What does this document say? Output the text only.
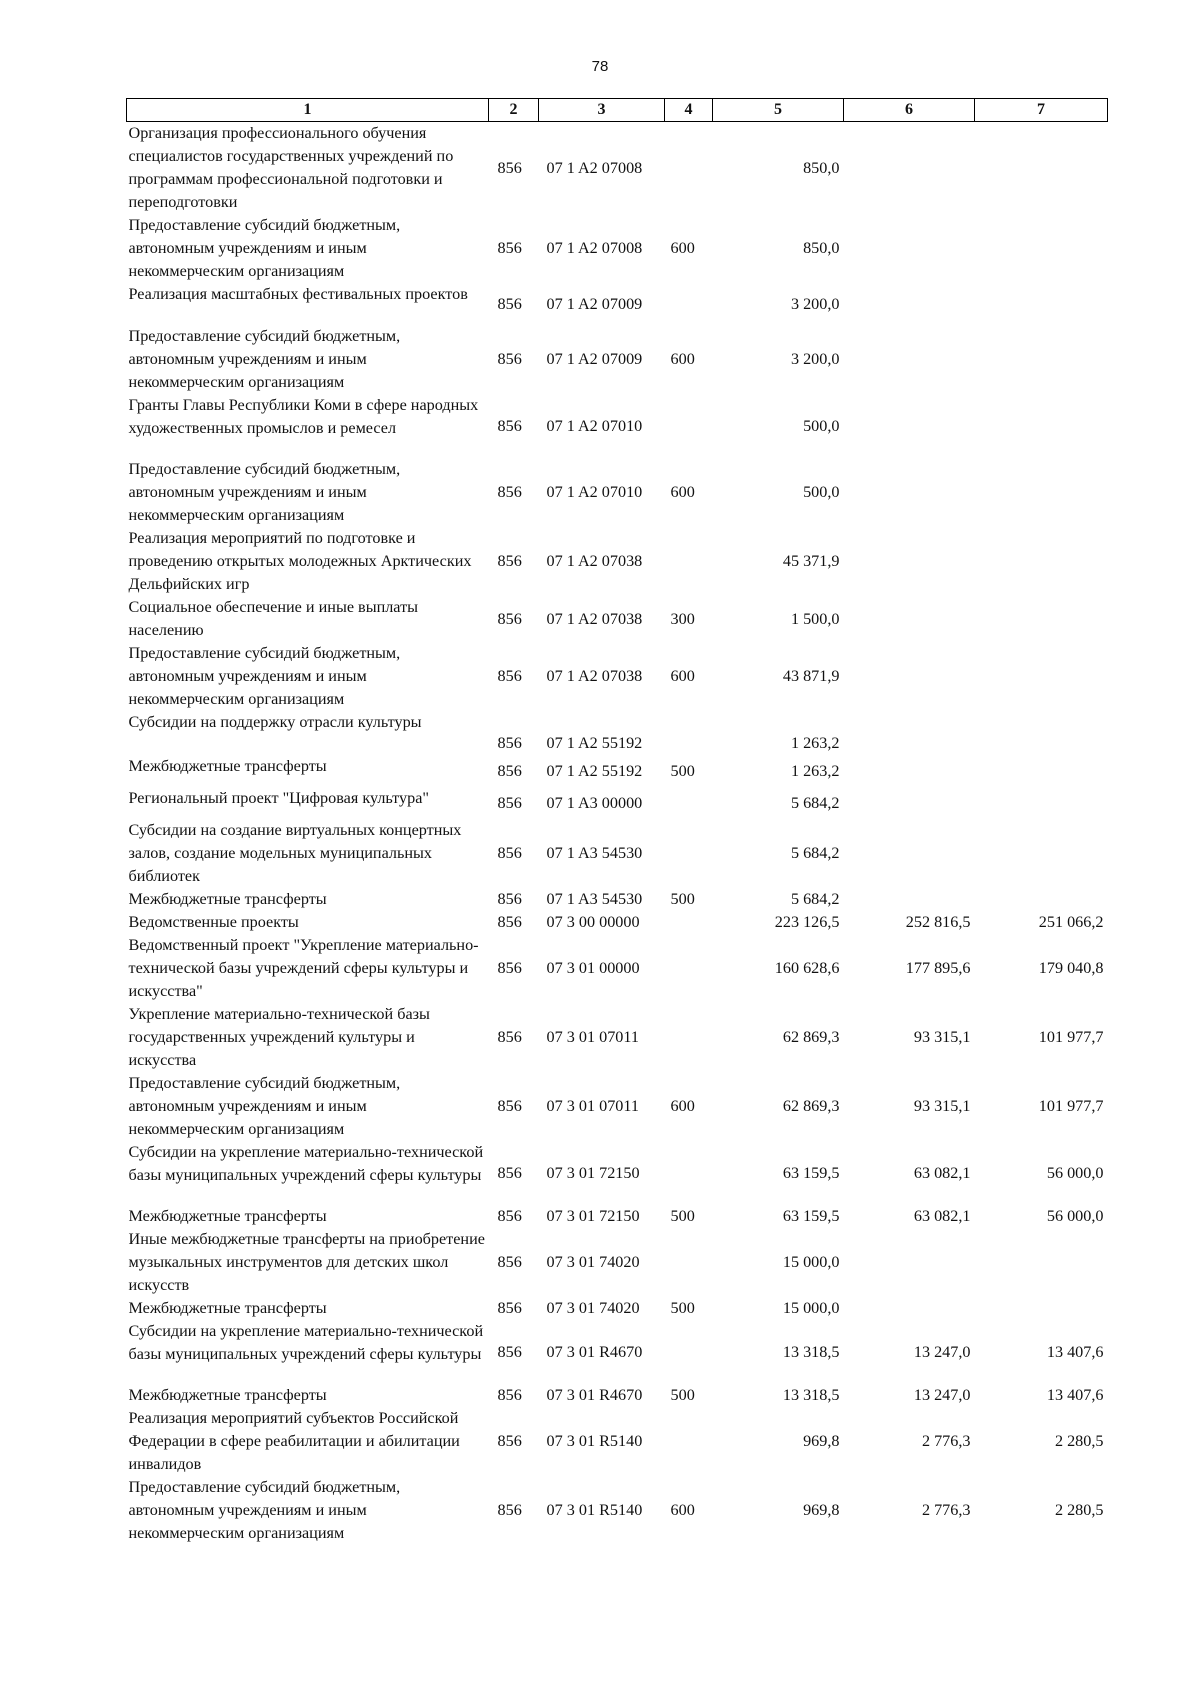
78
1	2	3	4	5	6	7
Организация профессионального обучения специалистов государственных учреждений по программам профессиональной подготовки и переподготовки	856	07 1 A2 07008		850,0		
Предоставление субсидий бюджетным, автономным учреждениям и иным некоммерческим организациям	856	07 1 A2 07008	600	850,0		
Реализация масштабных фестивальных проектов	856	07 1 A2 07009		3 200,0		
Предоставление субсидий бюджетным, автономным учреждениям и иным некоммерческим организациям	856	07 1 A2 07009	600	3 200,0		
Гранты Главы Республики Коми в сфере народных художественных промыслов и ремесел	856	07 1 A2 07010		500,0		
Предоставление субсидий бюджетным, автономным учреждениям и иным некоммерческим организациям	856	07 1 A2 07010	600	500,0		
Реализация мероприятий по подготовке и проведению открытых молодежных Арктических Дельфийских игр	856	07 1 A2 07038		45 371,9		
Социальное обеспечение и иные выплаты населению	856	07 1 A2 07038	300	1 500,0		
Предоставление субсидий бюджетным, автономным учреждениям и иным некоммерческим организациям	856	07 1 A2 07038	600	43 871,9		
Субсидии на поддержку отрасли культуры	856	07 1 A2 55192		1 263,2		
Межбюджетные трансферты	856	07 1 A2 55192	500	1 263,2		
Региональный проект "Цифровая культура"	856	07 1 A3 00000		5 684,2		
Субсидии на создание виртуальных концертных залов, создание модельных муниципальных библиотек	856	07 1 A3 54530		5 684,2		
Межбюджетные трансферты	856	07 1 A3 54530	500	5 684,2		
Ведомственные проекты	856	07 3 00 00000		223 126,5	252 816,5	251 066,2
Ведомственный проект "Укрепление материально-технической базы учреждений сферы культуры и искусства"	856	07 3 01 00000		160 628,6	177 895,6	179 040,8
Укрепление материально-технической базы государственных учреждений культуры и искусства	856	07 3 01 07011		62 869,3	93 315,1	101 977,7
Предоставление субсидий бюджетным, автономным учреждениям и иным некоммерческим организациям	856	07 3 01 07011	600	62 869,3	93 315,1	101 977,7
Субсидии на укрепление материально-технической базы муниципальных учреждений сферы культуры	856	07 3 01 72150		63 159,5	63 082,1	56 000,0
Межбюджетные трансферты	856	07 3 01 72150	500	63 159,5	63 082,1	56 000,0
Иные межбюджетные трансферты на приобретение музыкальных инструментов для детских школ искусств	856	07 3 01 74020		15 000,0		
Межбюджетные трансферты	856	07 3 01 74020	500	15 000,0		
Субсидии на укрепление материально-технической базы муниципальных учреждений сферы культуры	856	07 3 01 R4670		13 318,5	13 247,0	13 407,6
Межбюджетные трансферты	856	07 3 01 R4670	500	13 318,5	13 247,0	13 407,6
Реализация мероприятий субъектов Российской Федерации в сфере реабилитации и абилитации инвалидов	856	07 3 01 R5140		969,8	2 776,3	2 280,5
Предоставление субсидий бюджетным, автономным учреждениям и иным некоммерческим организациям	856	07 3 01 R5140	600	969,8	2 776,3	2 280,5
